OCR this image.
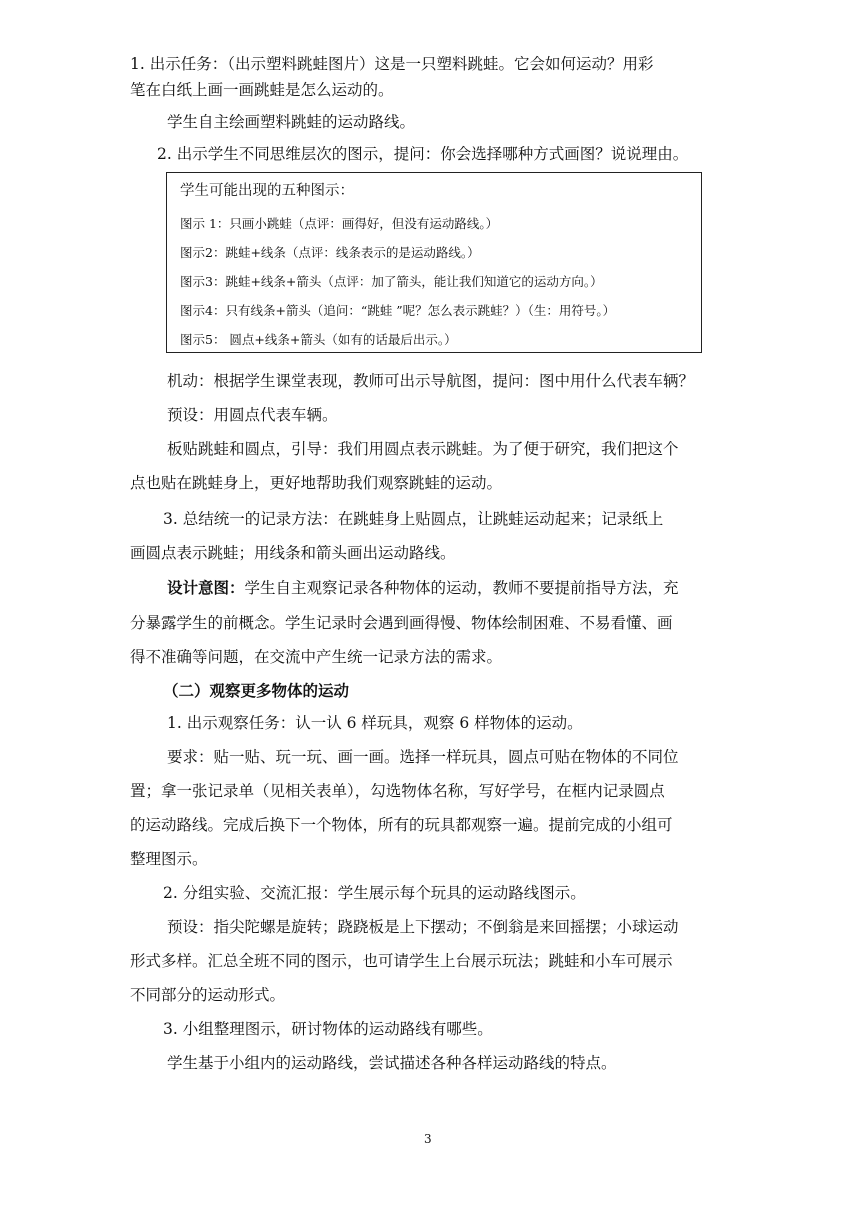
1. 出示任务：（出示塑料跳蛙图片）这是一只塑料跳蛙。它会如何运动？用彩
笔在白纸上画一画跳蛙是怎么运动的。
学生自主绘画塑料跳蛙的运动路线。
2. 出示学生不同思维层次的图示，提问：你会选择哪种方式画图？说说理由。
学生可能出现的五种图示：
图示 1：只画小跳蛙（点评：画得好，但没有运动路线。）
图示2：跳蛙+线条（点评：线条表示的是运动路线。）
图示3：跳蛙+线条+箭头（点评：加了箭头，能让我们知道它的运动方向。）
图示4：只有线条+箭头（追问：“跳蛙 ”呢？怎么表示跳蛙？）（生：用符号。）
图示5： 圆点+线条+箭头（如有的话最后出示。）
机动：根据学生课堂表现，教师可出示导航图，提问：图中用什么代表车辆？
预设：用圆点代表车辆。
板贴跳蛙和圆点，引导：我们用圆点表示跳蛙。为了便于研究，我们把这个
点也贴在跳蛙身上，更好地帮助我们观察跳蛙的运动。
3. 总结统一的记录方法：在跳蛙身上贴圆点，让跳蛙运动起来；记录纸上
画圆点表示跳蛙；用线条和箭头画出运动路线。
设计意图：学生自主观察记录各种物体的运动，教师不要提前指导方法，充
分暴露学生的前概念。学生记录时会遇到画得慢、物体绘制困难、不易看懂、画
得不准确等问题，在交流中产生统一记录方法的需求。
（二）观察更多物体的运动
1. 出示观察任务：认一认 6 样玩具，观察 6 样物体的运动。
要求：贴一贴、玩一玩、画一画。选择一样玩具，圆点可贴在物体的不同位
置；拿一张记录单（见相关表单），勾选物体名称，写好学号，在框内记录圆点
的运动路线。完成后换下一个物体，所有的玩具都观察一遍。提前完成的小组可
整理图示。
2. 分组实验、交流汇报：学生展示每个玩具的运动路线图示。
预设：指尖陀螺是旋转；跷跷板是上下摆动；不倒翁是来回摇摆；小球运动
形式多样。汇总全班不同的图示，也可请学生上台展示玩法；跳蛙和小车可展示
不同部分的运动形式。
3. 小组整理图示，研讨物体的运动路线有哪些。
学生基于小组内的运动路线，尝试描述各种各样运动路线的特点。
3
